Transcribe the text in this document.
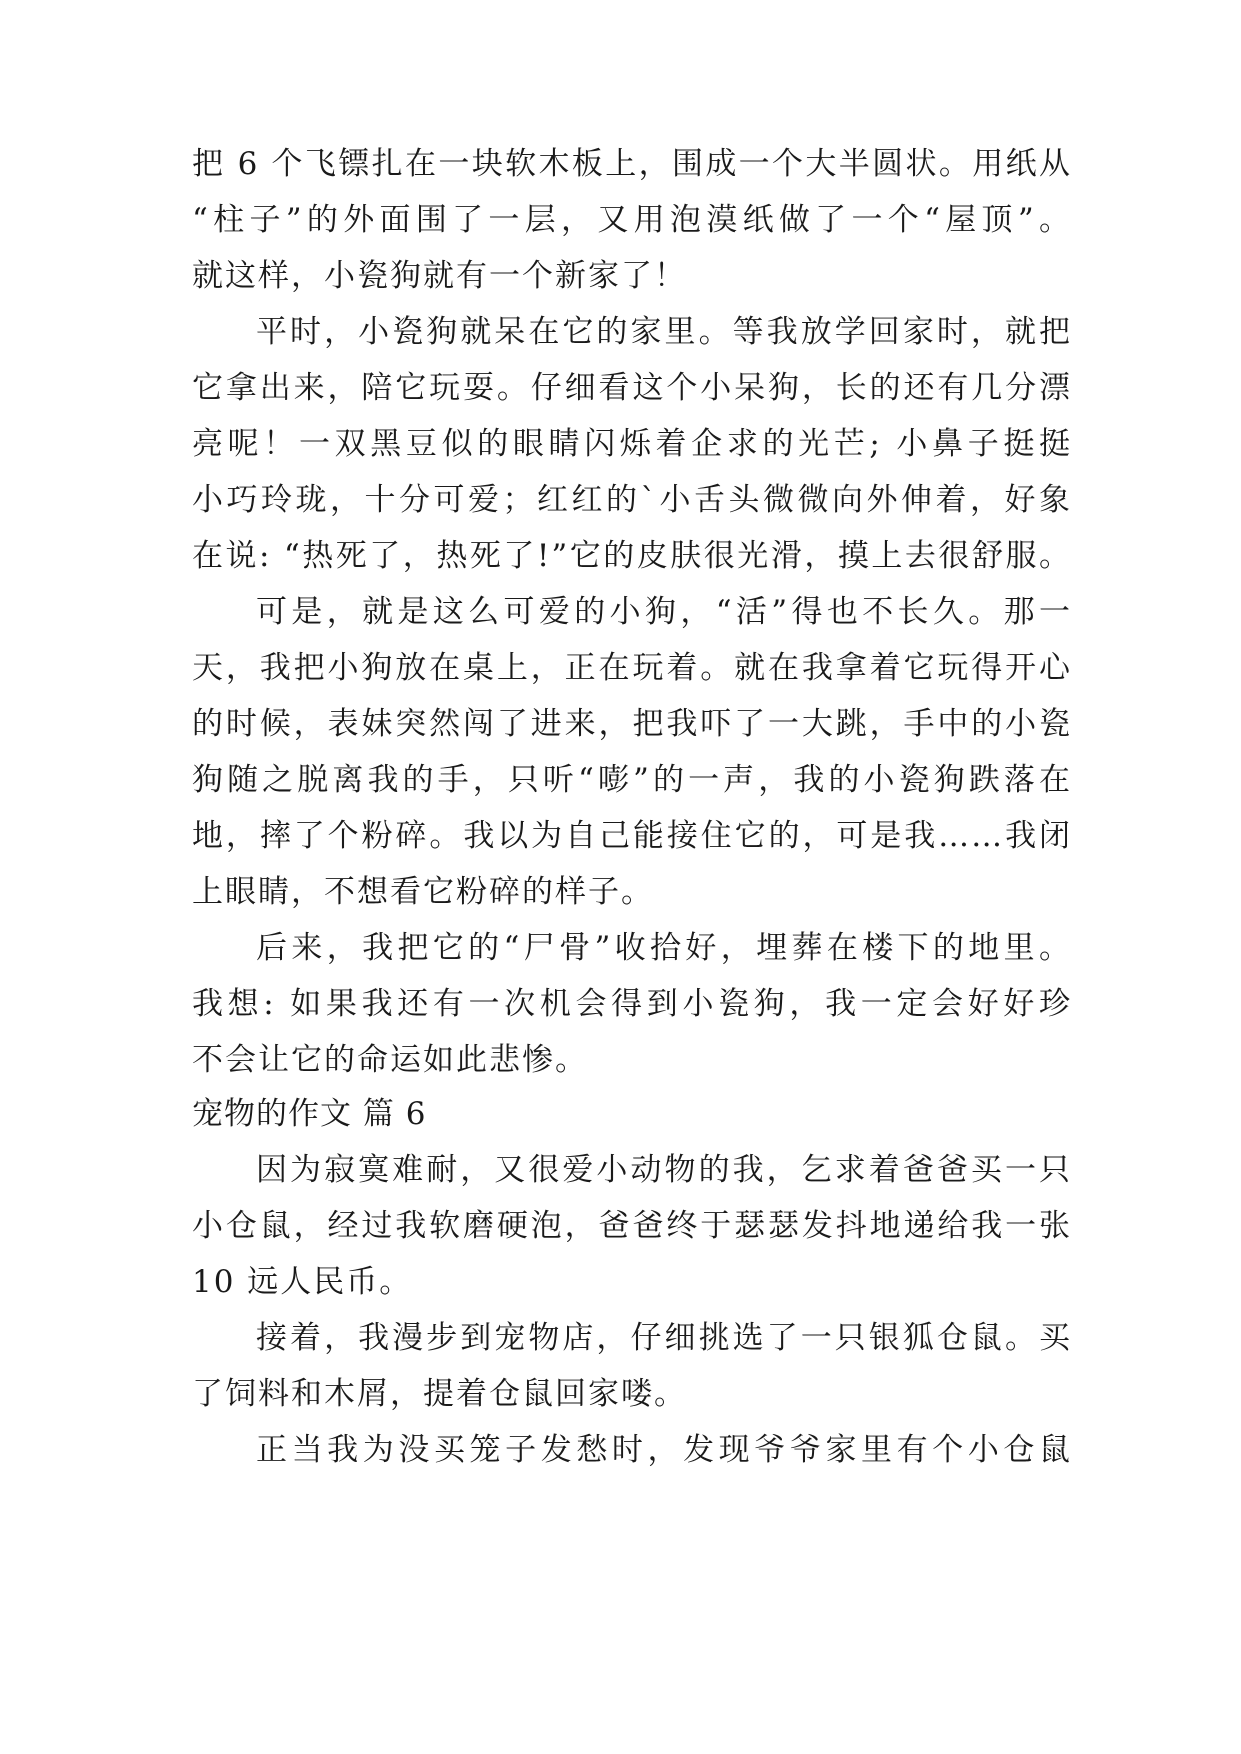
把 6 个飞镖扎在一块软木板上，围成一个大半圆状。用纸从
“柱子”的外面围了一层，又用泡漠纸做了一个“屋顶”。
就这样，小瓷狗就有一个新家了！
平时，小瓷狗就呆在它的家里。等我放学回家时，就把
它拿出来，陪它玩耍。仔细看这个小呆狗，长的还有几分漂
亮呢！一双黑豆似的眼睛闪烁着企求的光芒; 小鼻子挺挺
小巧玲珑，十分可爱；红红的`小舌头微微向外伸着，好象
在说: “热死了，热死了!”它的皮肤很光滑，摸上去很舒服。
可是，就是这么可爱的小狗，“活”得也不长久。那一
天，我把小狗放在桌上，正在玩着。就在我拿着它玩得开心
的时候，表妹突然闯了进来，把我吓了一大跳，手中的小瓷
狗随之脱离我的手，只听“嘭”的一声，我的小瓷狗跌落在
地，摔了个粉碎。我以为自己能接住它的，可是我……我闭
上眼睛，不想看它粉碎的样子。
后来，我把它的“尸骨”收拾好，埋葬在楼下的地里。
我想: 如果我还有一次机会得到小瓷狗，我一定会好好珍
不会让它的命运如此悲惨。
宠物的作文 篇 6
因为寂寞难耐，又很爱小动物的我，乞求着爸爸买一只
小仓鼠，经过我软磨硬泡，爸爸终于瑟瑟发抖地递给我一张
10 远人民币。
接着，我漫步到宠物店，仔细挑选了一只银狐仓鼠。买
了饲料和木屑，提着仓鼠回家喽。
正当我为没买笼子发愁时，发现爷爷家里有个小仓鼠
